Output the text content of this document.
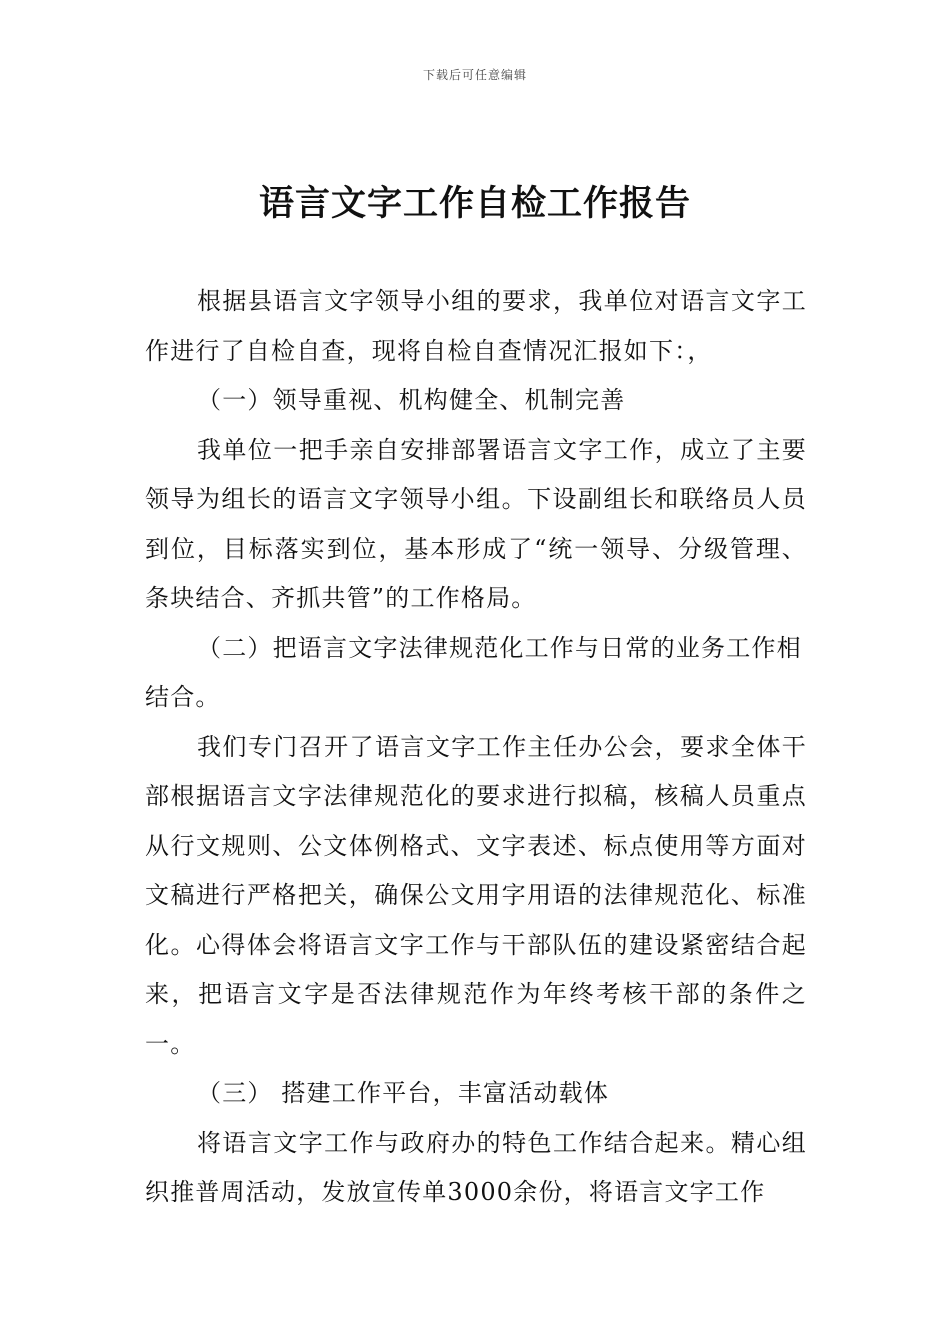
下载后可任意编辑
语言文字工作自检工作报告

根据县语言文字领导小组的要求，我单位对语言文字工作进行了自检自查，现将自检自查情况汇报如下：，

（一）领导重视、机构健全、机制完善

我单位一把手亲自安排部署语言文字工作，成立了主要领导为组长的语言文字领导小组。下设副组长和联络员人员到位，目标落实到位，基本形成了“统一领导、分级管理、条块结合、齐抓共管”的工作格局。

（二）把语言文字法律规范化工作与日常的业务工作相结合。

我们专门召开了语言文字工作主任办公会，要求全体干部根据语言文字法律规范化的要求进行拟稿，核稿人员重点从行文规则、公文体例格式、文字表述、标点使用等方面对文稿进行严格把关，确保公文用字用语的法律规范化、标准化。心得体会将语言文字工作与干部队伍的建设紧密结合起来，把语言文字是否法律规范作为年终考核干部的条件之一。

（三） 搭建工作平台，丰富活动载体

将语言文字工作与政府办的特色工作结合起来。精心组织推普周活动，发放宣传单3000余份，将语言文字工作
